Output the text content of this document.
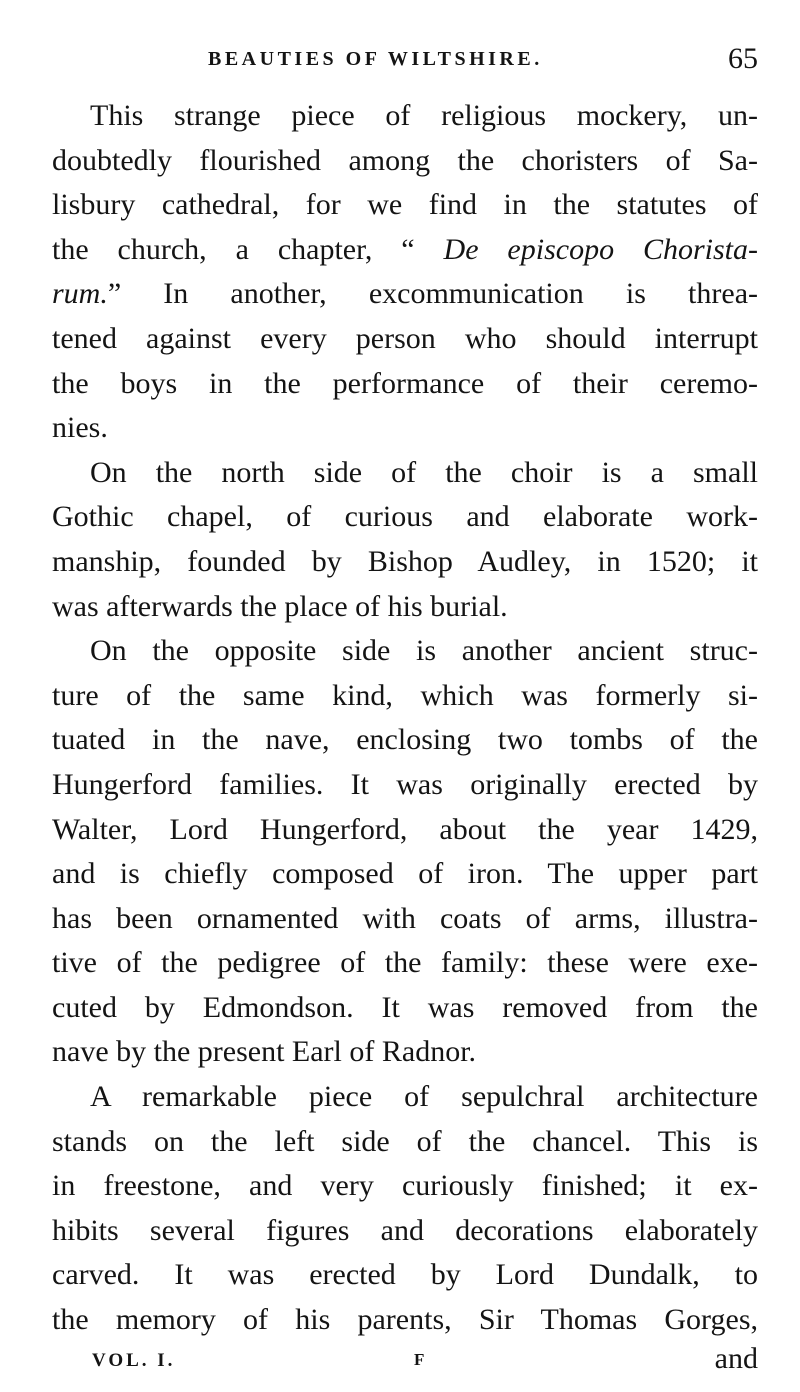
BEAUTIES OF WILTSHIRE.	65

This strange piece of religious mockery, un-
doubtedly flourished among the choristers of Sa-
lisbury cathedral, for we find in the statutes of
the church, a chapter, “ De episcopo Chorista-
rum.” In another, excommunication is threa-
tened against every person who should interrupt
the boys in the performance of their ceremo-
nies.

On the north side of the choir is a small
Gothic chapel, of curious and elaborate work-
manship, founded by Bishop Audley, in 1520; it
was afterwards the place of his burial.

On the opposite side is another ancient struc-
ture of the same kind, which was formerly si-
tuated in the nave, enclosing two tombs of the
Hungerford families. It was originally erected by
Walter, Lord Hungerford, about the year 1429,
and is chiefly composed of iron. The upper part
has been ornamented with coats of arms, illustra-
tive of the pedigree of the family: these were exe-
cuted by Edmondson. It was removed from the
nave by the present Earl of Radnor.

A remarkable piece of sepulchral architecture
stands on the left side of the chancel. This is
in freestone, and very curiously finished; it ex-
hibits several figures and decorations elaborately
carved. It was erected by Lord Dundalk, to
the memory of his parents, Sir Thomas Gorges,

VOL. I.	F	and
